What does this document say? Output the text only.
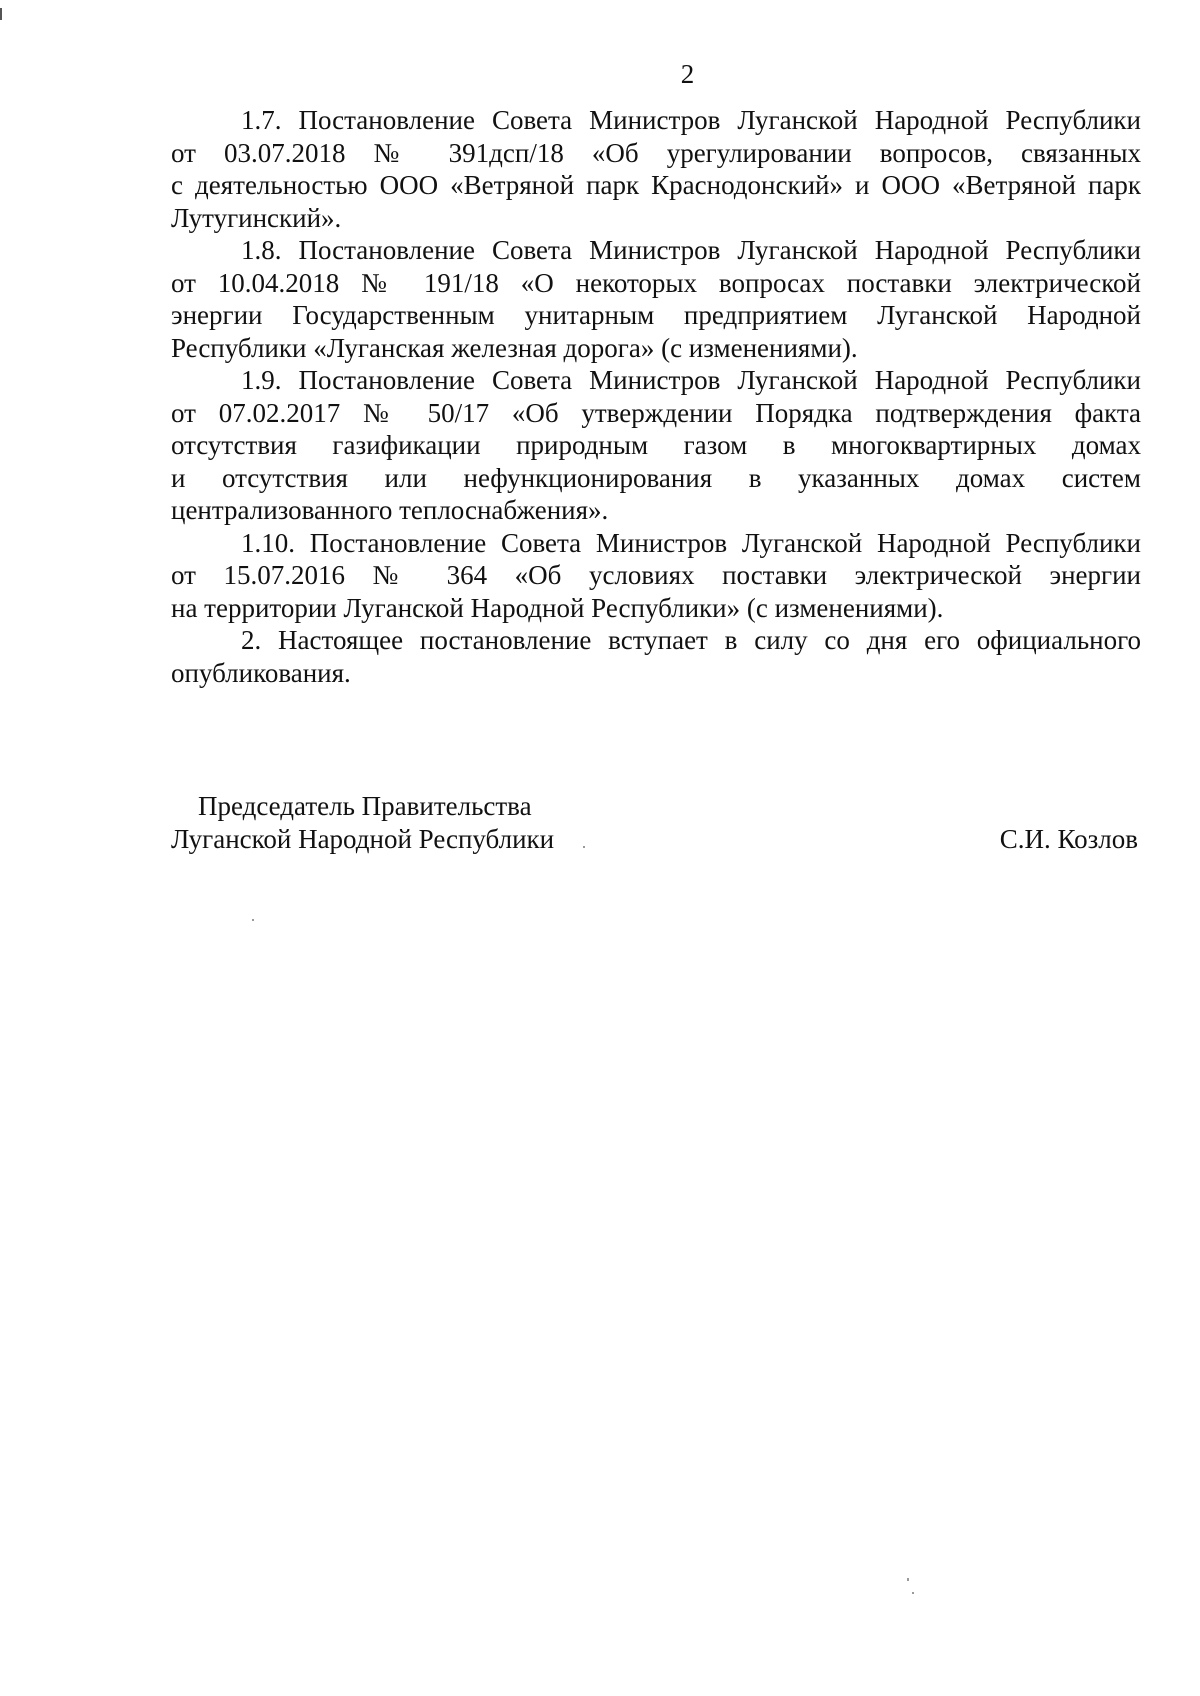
2

1.7. Постановление Совета Министров Луганской Народной Республики
от 03.07.2018 № 391дсп/18 «Об урегулировании вопросов, связанных
с деятельностью ООО «Ветряной парк Краснодонский» и ООО «Ветряной парк
Лутугинский».

1.8. Постановление Совета Министров Луганской Народной Республики
от 10.04.2018 № 191/18 «О некоторых вопросах поставки электрической
энергии Государственным унитарным предприятием Луганской Народной
Республики «Луганская железная дорога» (с изменениями).

1.9. Постановление Совета Министров Луганской Народной Республики
от 07.02.2017 № 50/17 «Об утверждении Порядка подтверждения факта
отсутствия газификации природным газом в многоквартирных домах
и отсутствия или нефункционирования в указанных домах систем
централизованного теплоснабжения».

1.10. Постановление Совета Министров Луганской Народной Республики
от 15.07.2016 № 364 «Об условиях поставки электрической энергии
на территории Луганской Народной Республики» (с изменениями).

2. Настоящее постановление вступает в силу со дня его официального
опубликования.

Председатель Правительства
Луганской Народной Республики	С.И. Козлов
